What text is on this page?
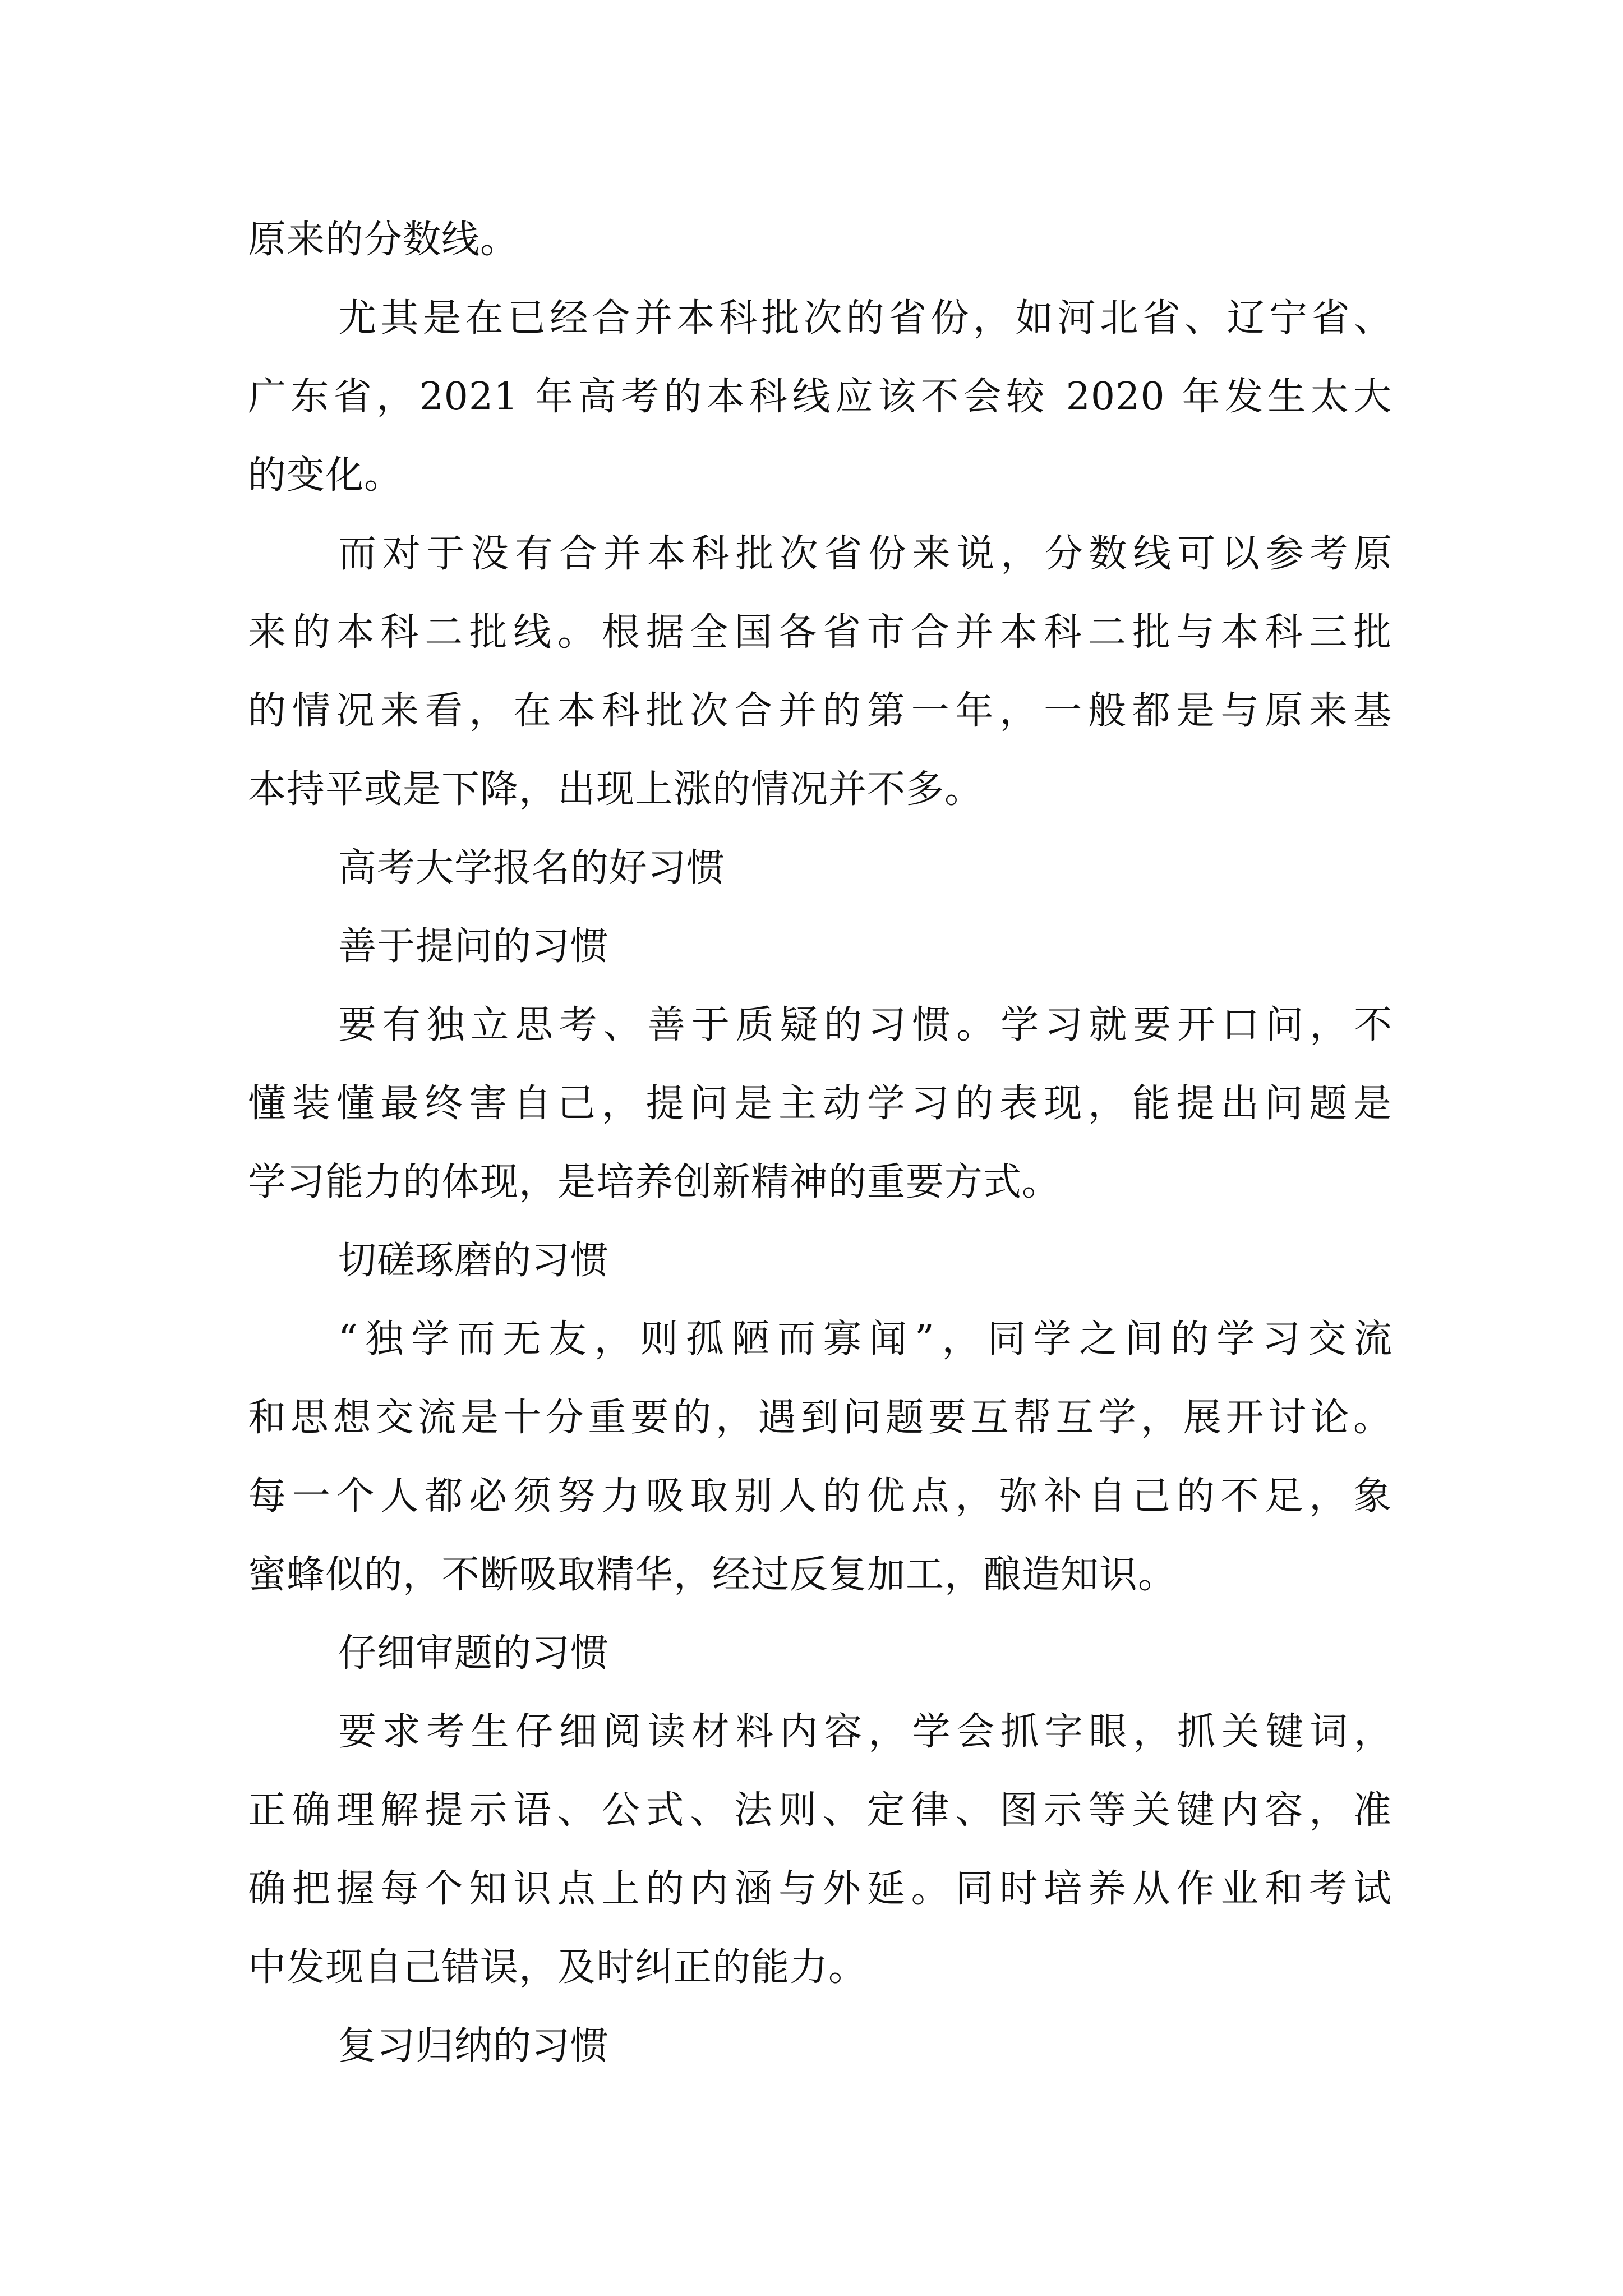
原来的分数线。
尤其是在已经合并本科批次的省份，如河北省、辽宁省、
广东省，2021 年高考的本科线应该不会较 2020 年发生太大
的变化。
而对于没有合并本科批次省份来说，分数线可以参考原
来的本科二批线。根据全国各省市合并本科二批与本科三批
的情况来看，在本科批次合并的第一年，一般都是与原来基
本持平或是下降，出现上涨的情况并不多。
高考大学报名的好习惯
善于提问的习惯
要有独立思考、善于质疑的习惯。学习就要开口问，不
懂装懂最终害自己，提问是主动学习的表现，能提出问题是
学习能力的体现，是培养创新精神的重要方式。
切磋琢磨的习惯
“独学而无友，则孤陋而寡闻”，同学之间的学习交流
和思想交流是十分重要的，遇到问题要互帮互学，展开讨论。
每一个人都必须努力吸取别人的优点，弥补自己的不足，象
蜜蜂似的，不断吸取精华，经过反复加工，酿造知识。
仔细审题的习惯
要求考生仔细阅读材料内容，学会抓字眼，抓关键词，
正确理解提示语、公式、法则、定律、图示等关键内容，准
确把握每个知识点上的内涵与外延。同时培养从作业和考试
中发现自己错误，及时纠正的能力。
复习归纳的习惯
